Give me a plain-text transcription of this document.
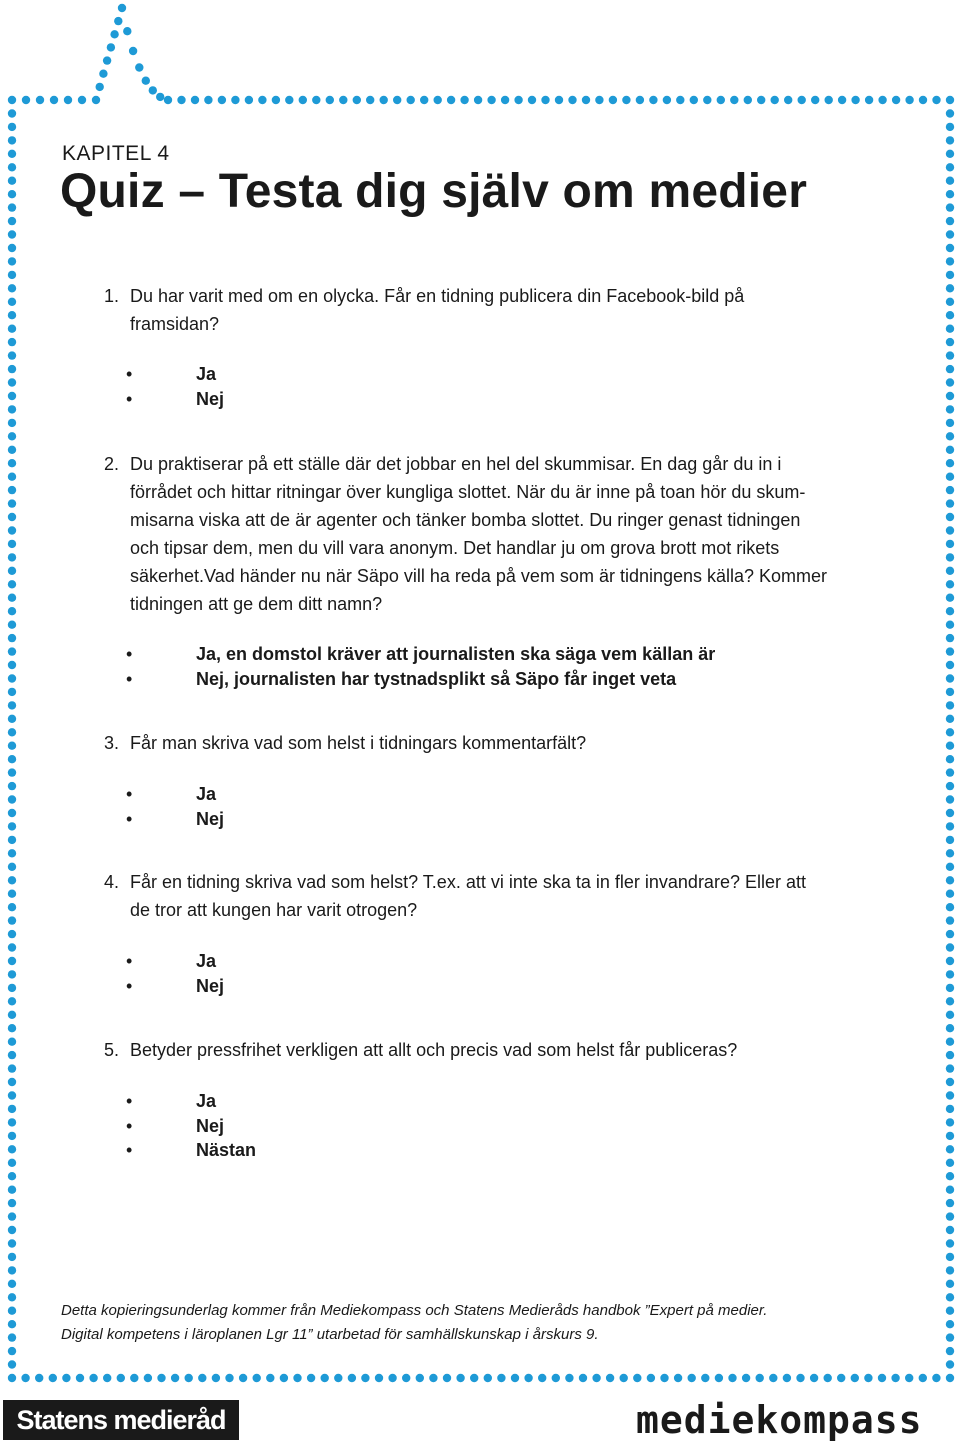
KAPITEL 4
Quiz – Testa dig själv om medier
1. Du har varit med om en olycka. Får en tidning publicera din Facebook-bild på
framsidan?
•	Ja
•	Nej
2. Du praktiserar på ett ställe där det jobbar en hel del skummisar. En dag går du in i
förrådet och hittar ritningar över kungliga slottet. När du är inne på toan hör du skum-
misarna viska att de är agenter och tänker bomba slottet. Du ringer genast tidningen
och tipsar dem, men du vill vara anonym. Det handlar ju om grova brott mot rikets
säkerhet.Vad händer nu när Säpo vill ha reda på vem som är tidningens källa? Kommer
tidningen att ge dem ditt namn?
•	Ja, en domstol kräver att journalisten ska säga vem källan är
•	Nej, journalisten har tystnadsplikt så Säpo får inget veta
3. Får man skriva vad som helst i tidningars kommentarfält?
•	Ja
•	Nej
4. Får en tidning skriva vad som helst? T.ex. att vi inte ska ta in fler invandrare? Eller att
de tror att kungen har varit otrogen?
•	Ja
•	Nej
5. Betyder pressfrihet verkligen att allt och precis vad som helst får publiceras?
•	Ja
•	Nej
•	Nästan

Detta kopieringsunderlag kommer från Mediekompass och Statens Medieråds handbok ”Expert på medier.

Digital kompetens i läroplanen Lgr 11” utarbetad för samhällskunskap i årskurs 9.

Statens medieråd	mediekompass
